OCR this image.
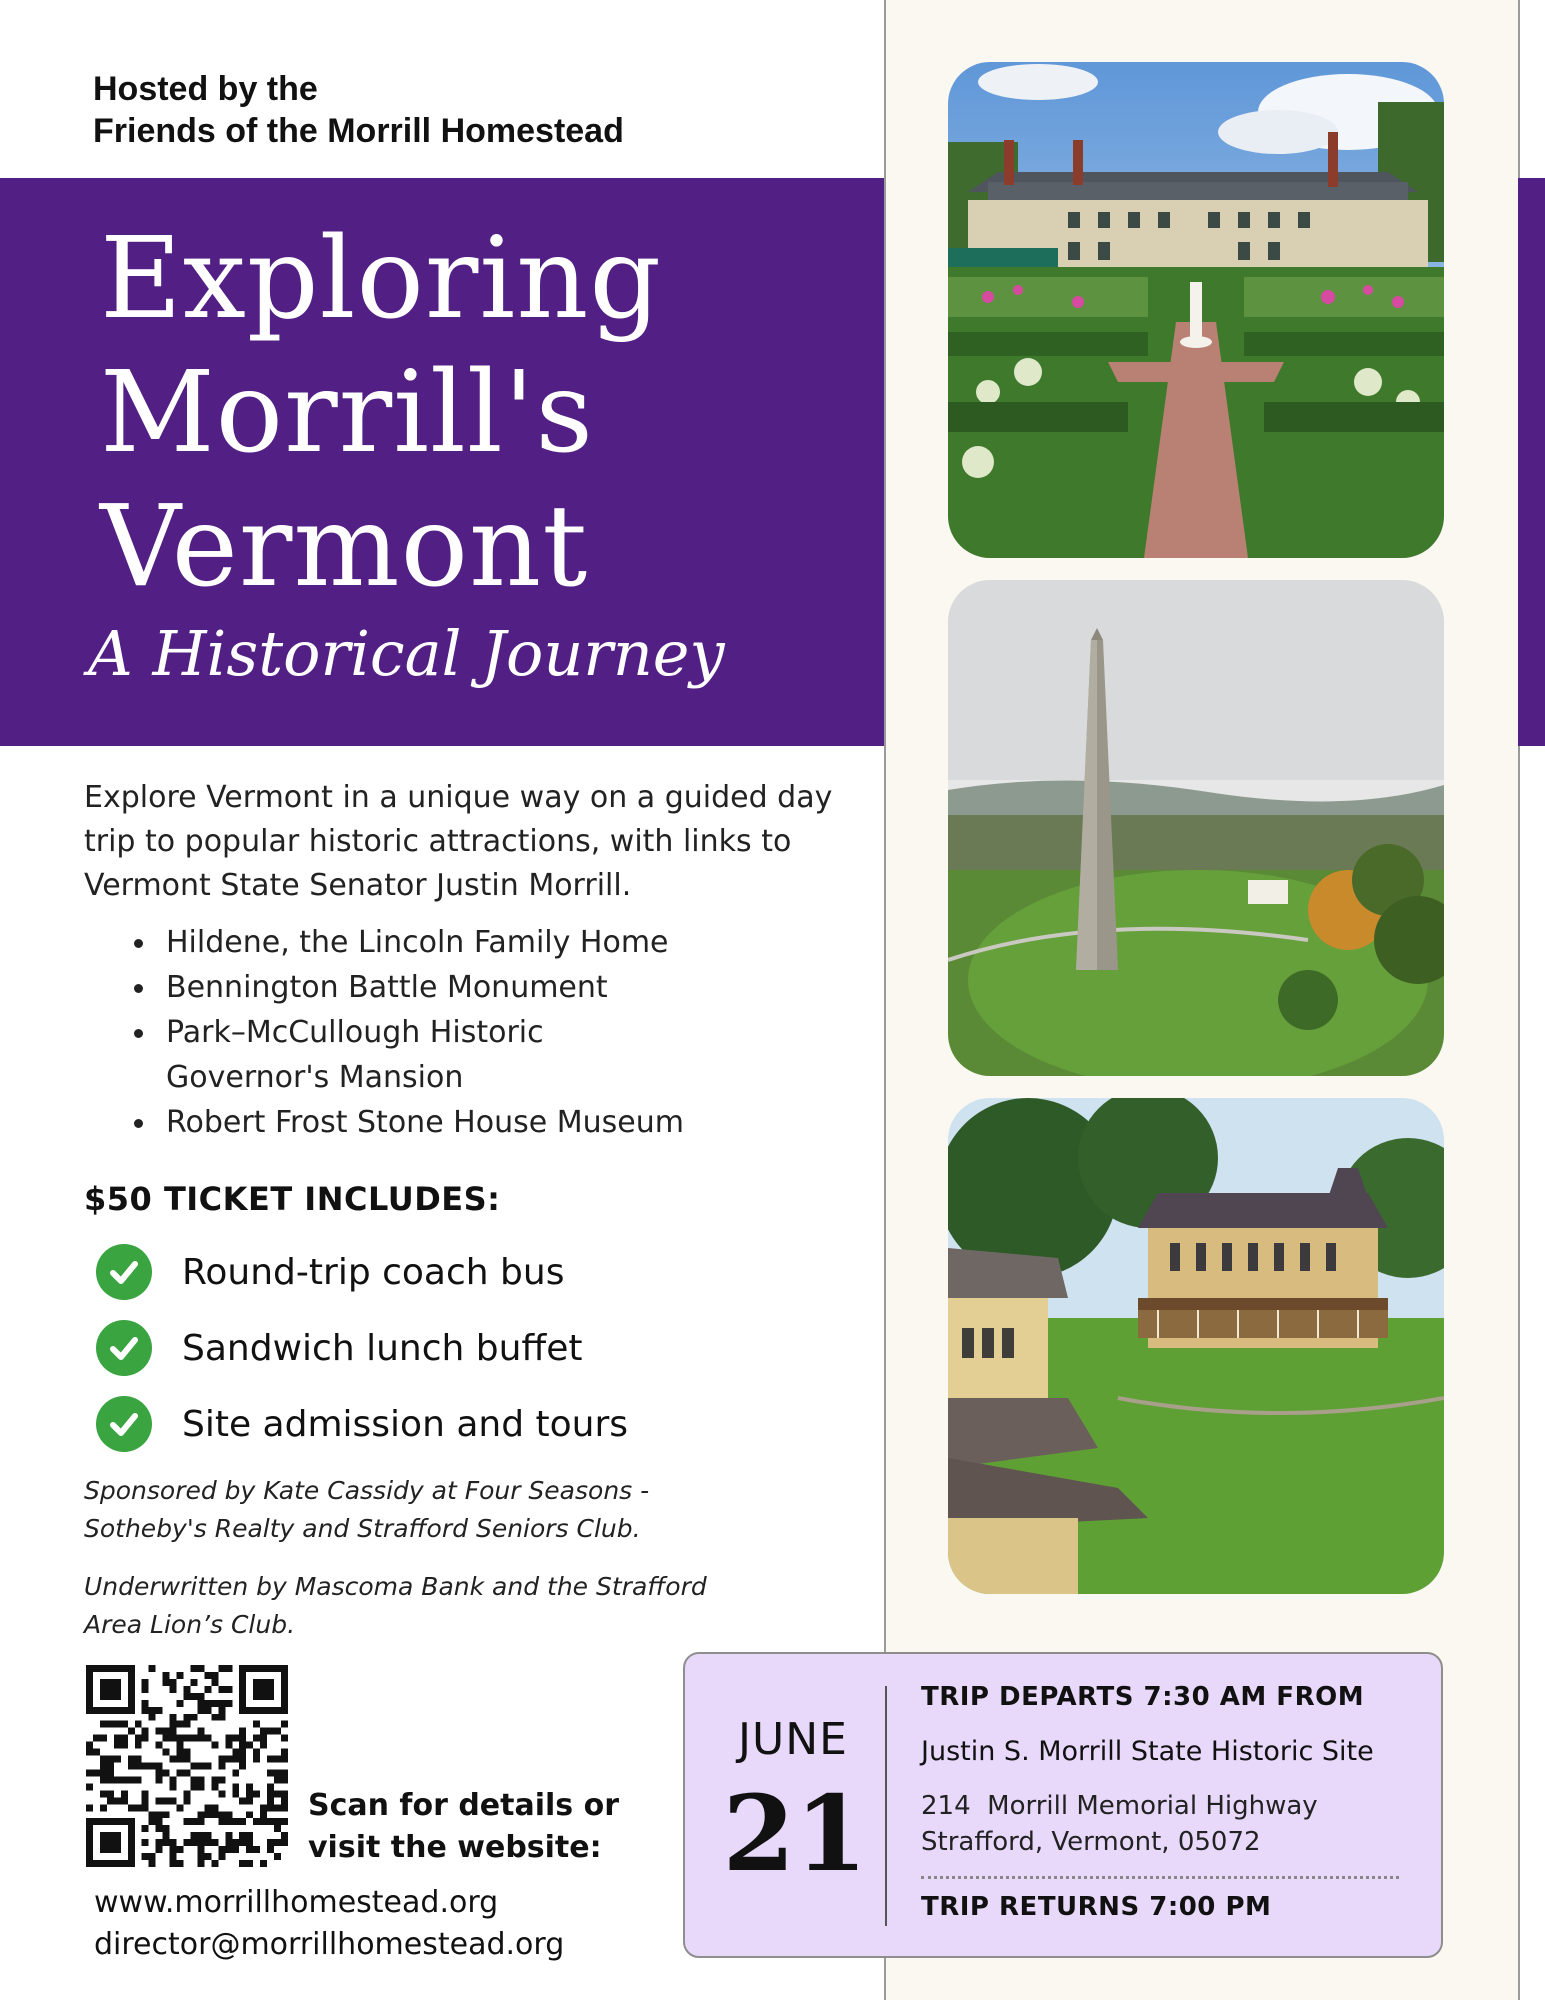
Hosted by the
Friends of the Morrill Homestead
Exploring
Morrill's
Vermont
A Historical Journey
Explore Vermont in a unique way on a guided day trip to popular historic attractions, with links to Vermont State Senator Justin Morrill.
Hildene, the Lincoln Family Home
Bennington Battle Monument
Park–McCullough Historic Governor's Mansion
Robert Frost Stone House Museum
$50 TICKET INCLUDES:
Round-trip coach bus
Sandwich lunch buffet
Site admission and tours
Sponsored by Kate Cassidy at Four Seasons - Sotheby's Realty and Strafford Seniors Club.
Underwritten by Mascoma Bank and the Strafford Area Lion’s Club.
Scan for details or
visit the website:
www.morrillhomestead.org
director@morrillhomestead.org
JUNE
21
TRIP DEPARTS 7:30 AM FROM
Justin S. Morrill State Historic Site
214  Morrill Memorial Highway
Strafford, Vermont, 05072
TRIP RETURNS 7:00 PM
